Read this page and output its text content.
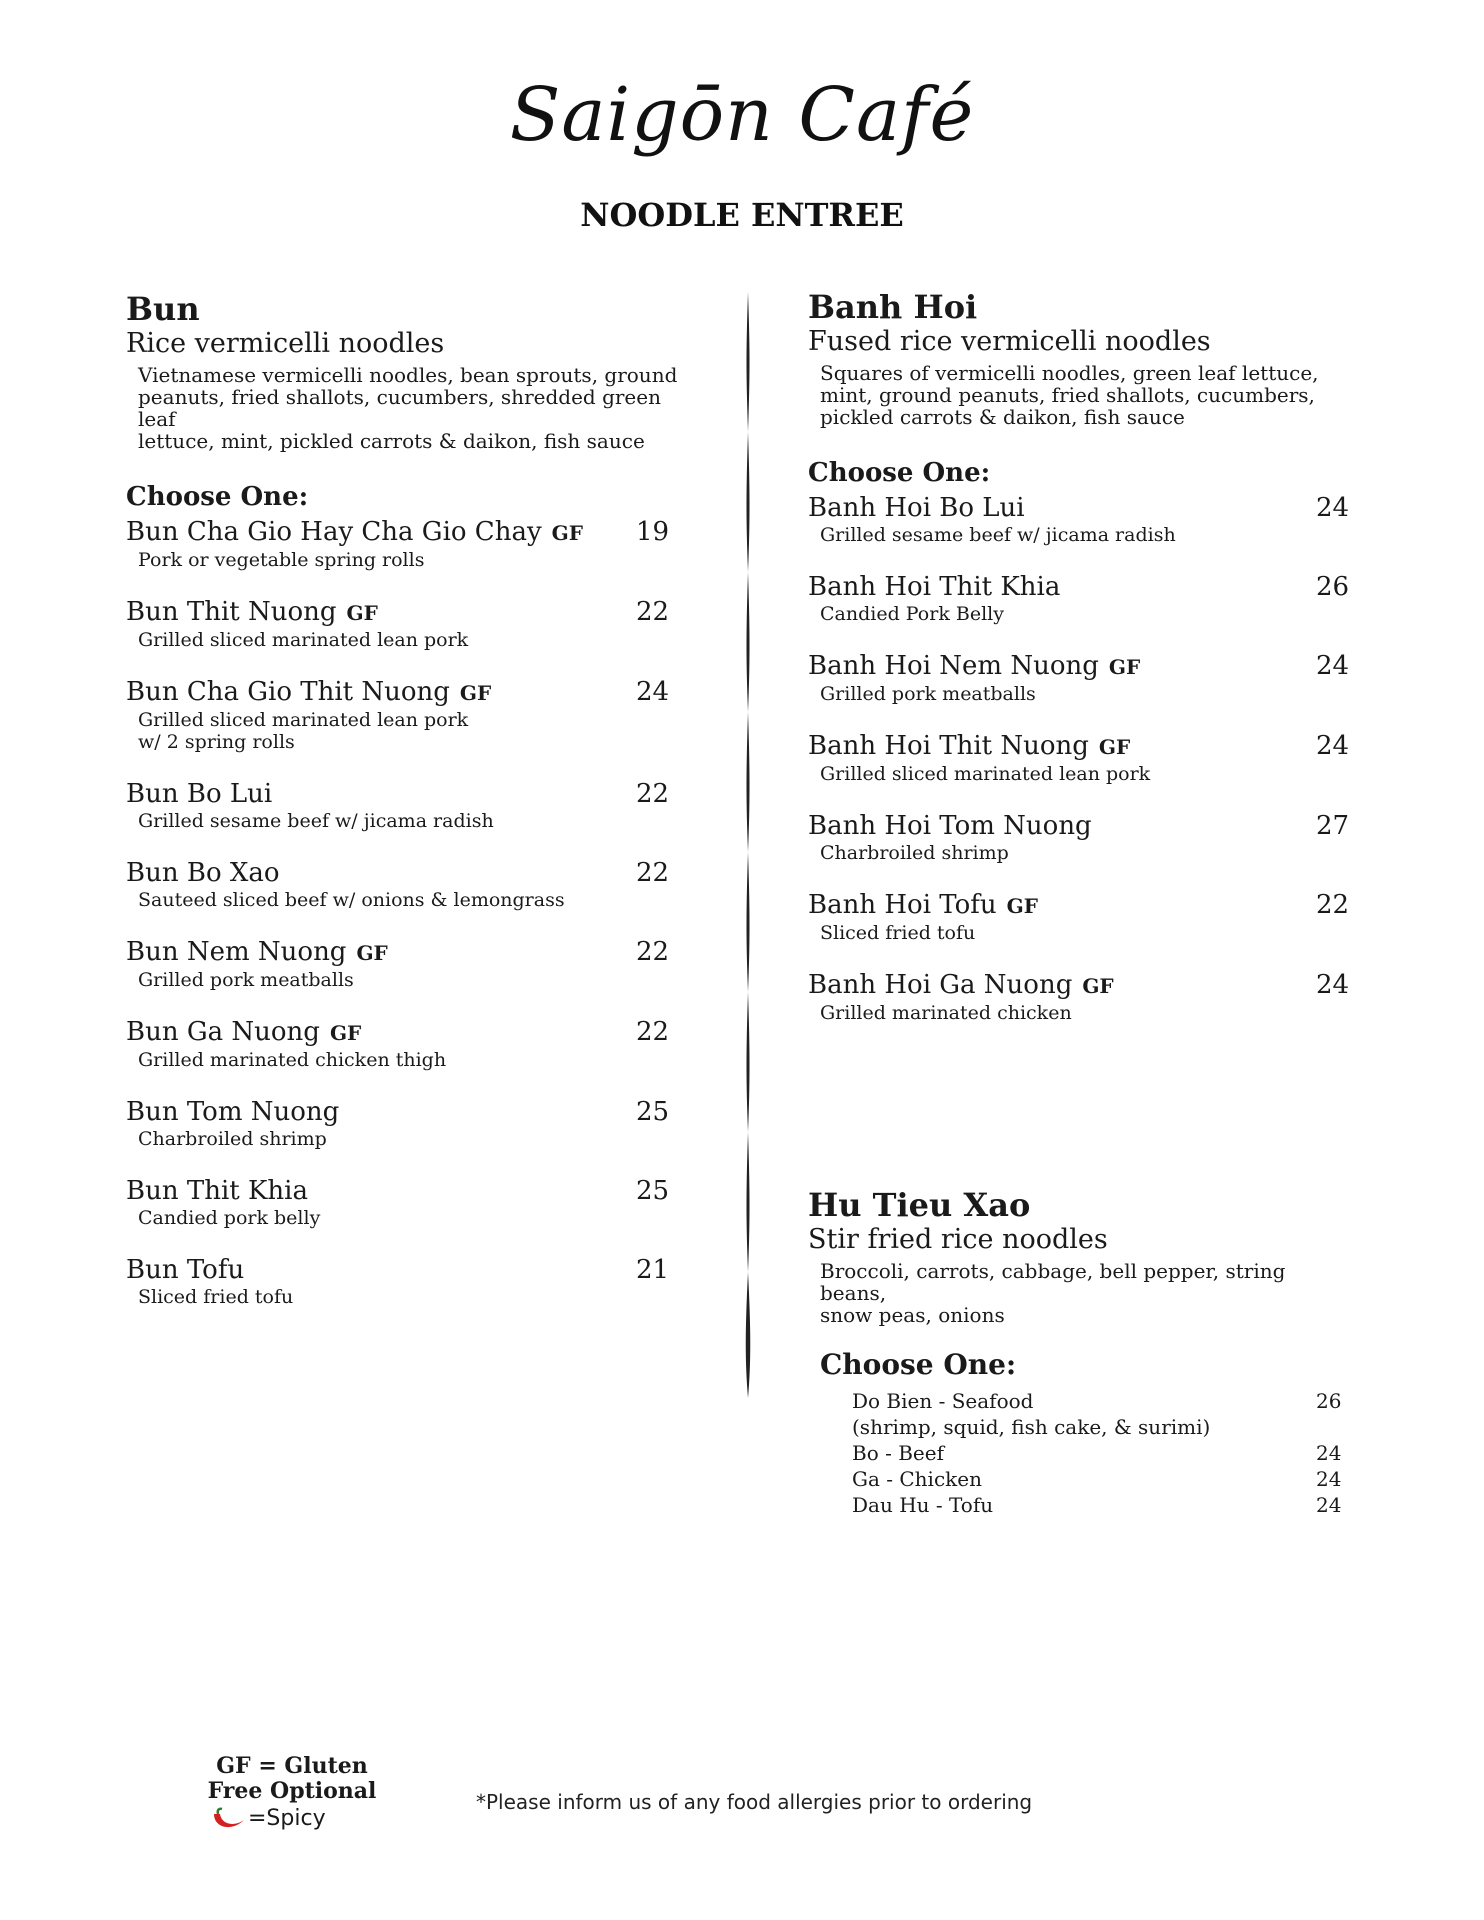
Saigōn Café
NOODLE ENTREE
Bun
Rice vermicelli noodles
Vietnamese vermicelli noodles, bean sprouts, ground
peanuts, fried shallots, cucumbers, shredded green leaf
lettuce, mint, pickled carrots & daikon, fish sauce
Choose One:
Bun Cha Gio Hay Cha Gio Chay GF	19
Pork or vegetable spring rolls
Bun Thit Nuong GF	22
Grilled sliced marinated lean pork
Bun Cha Gio Thit Nuong GF	24
Grilled sliced marinated lean pork
w/ 2 spring rolls
Bun Bo Lui	22
Grilled sesame beef w/ jicama radish
Bun Bo Xao	22
Sauteed sliced beef w/ onions & lemongrass
Bun Nem Nuong GF	22
Grilled pork meatballs
Bun Ga Nuong GF	22
Grilled marinated chicken thigh
Bun Tom Nuong	25
Charbroiled shrimp
Bun Thit Khia	25
Candied pork belly
Bun Tofu	21
Sliced fried tofu
Banh Hoi
Fused rice vermicelli noodles
Squares of vermicelli noodles, green leaf lettuce,
mint, ground peanuts, fried shallots, cucumbers,
pickled carrots & daikon, fish sauce
Choose One:
Banh Hoi Bo Lui	24
Grilled sesame beef w/ jicama radish
Banh Hoi Thit Khia	26
Candied Pork Belly
Banh Hoi Nem Nuong GF	24
Grilled pork meatballs
Banh Hoi Thit Nuong GF	24
Grilled sliced marinated lean pork
Banh Hoi Tom Nuong	27
Charbroiled shrimp
Banh Hoi Tofu GF	22
Sliced fried tofu
Banh Hoi Ga Nuong GF	24
Grilled marinated chicken
Hu Tieu Xao
Stir fried rice noodles
Broccoli, carrots, cabbage, bell pepper, string beans,
snow peas, onions
Choose One:
Do Bien - Seafood	26
(shrimp, squid, fish cake, & surimi)
Bo - Beef	24
Ga - Chicken	24
Dau Hu - Tofu	24
GF = Gluten
Free Optional
=Spicy
*Please inform us of any food allergies prior to ordering
